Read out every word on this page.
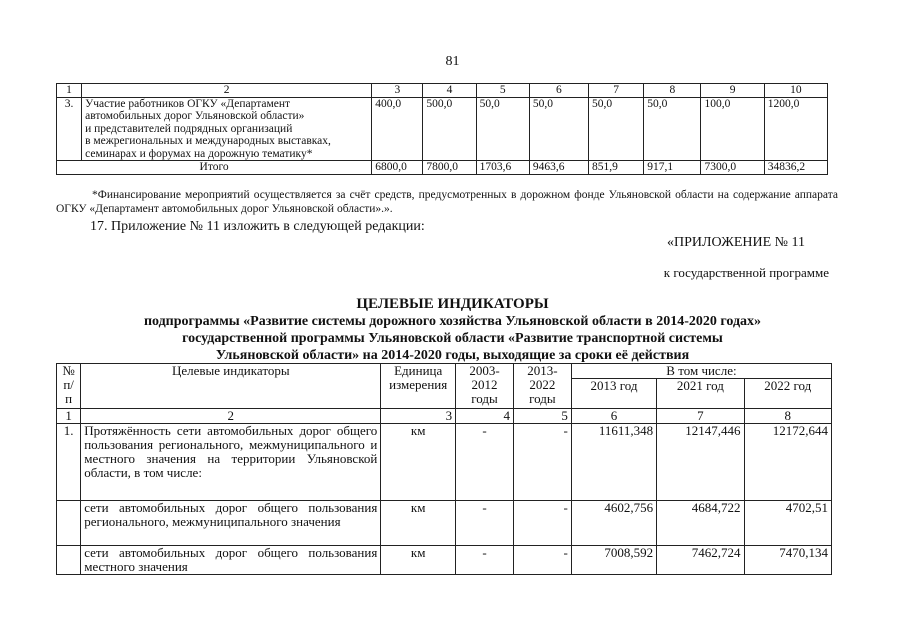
81
1	2	3	4	5	6	7	8	9	10
3.	Участие работников ОГКУ «Департамент
автомобильных дорог Ульяновской области»
и представителей подрядных организаций
в межрегиональных и международных выставках,
семинарах и форумах на дорожную тематику*	400,0	500,0	50,0	50,0	50,0	50,0	100,0	1200,0
Итого		6800,0	7800,0	1703,6	9463,6	851,9	917,1	7300,0	34836,2
*Финансирование мероприятий осуществляется за счёт средств, предусмотренных в дорожном фонде Ульяновской области на содержание аппарата ОГКУ «Департамент автомобильных дорог Ульяновской области».».
17. Приложение № 11 изложить в следующей редакции:
«ПРИЛОЖЕНИЕ № 11
к государственной программе
ЦЕЛЕВЫЕ ИНДИКАТОРЫ
подпрограммы «Развитие системы дорожного хозяйства Ульяновской области в 2014-2020 годах»
государственной программы Ульяновской области «Развитие транспортной системы
Ульяновской области» на 2014-2020 годы, выходящие за сроки её действия
№ п/п	Целевые индикаторы	Единица измерения	2003-2012 годы	2013-2022 годы	В том числе:		
					2013 год	2021 год	2022 год
1	2	3	4	5	6	7	8
1.	Протяжённость сети автомобильных дорог общего пользования регионального, межмуниципального и местного значения на территории Ульяновской области, в том числе:	км	-	-	11611,348	12147,446	12172,644
	сети автомобильных дорог общего пользования регионального, межмуниципального значения	км	-	-	4602,756	4684,722	4702,51
	сети автомобильных дорог общего пользования местного значения	км	-	-	7008,592	7462,724	7470,134
